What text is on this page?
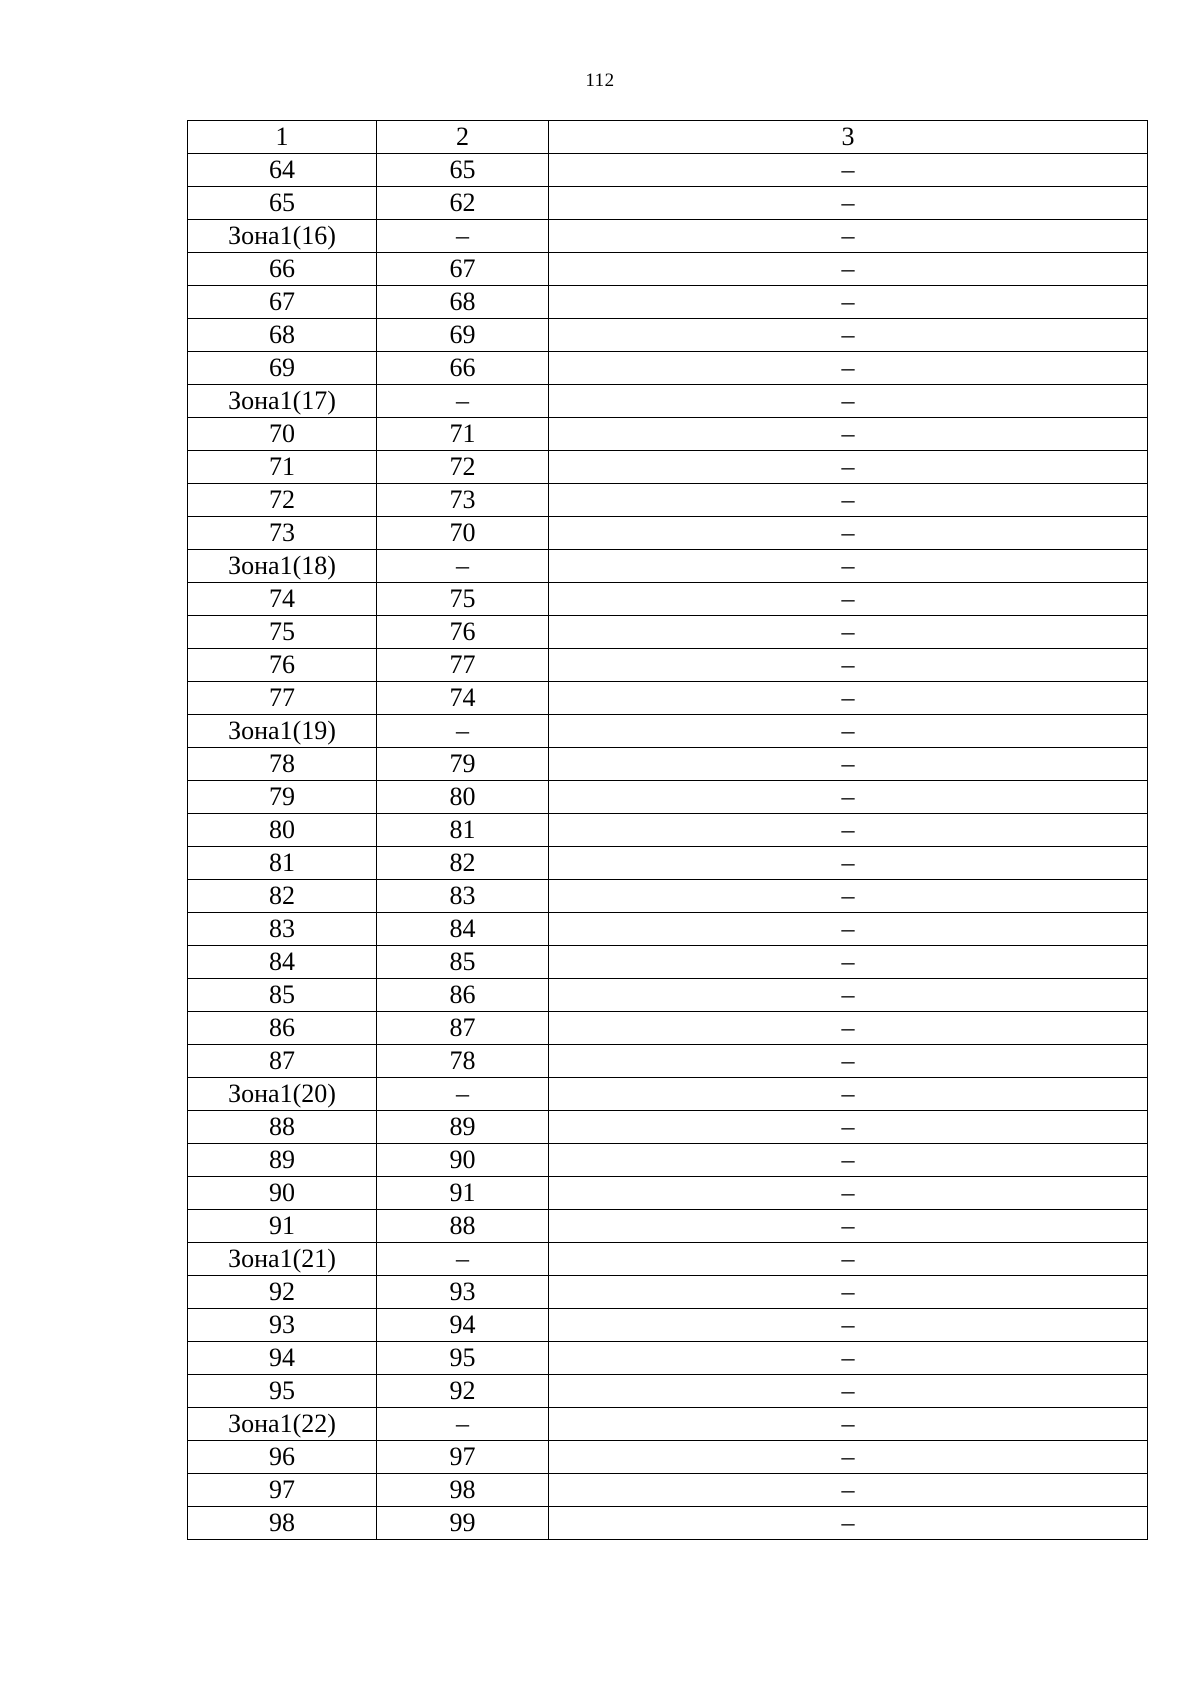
112
1	2	3
64	65	–
65	62	–
Зона1(16)	–	–
66	67	–
67	68	–
68	69	–
69	66	–
Зона1(17)	–	–
70	71	–
71	72	–
72	73	–
73	70	–
Зона1(18)	–	–
74	75	–
75	76	–
76	77	–
77	74	–
Зона1(19)	–	–
78	79	–
79	80	–
80	81	–
81	82	–
82	83	–
83	84	–
84	85	–
85	86	–
86	87	–
87	78	–
Зона1(20)	–	–
88	89	–
89	90	–
90	91	–
91	88	–
Зона1(21)	–	–
92	93	–
93	94	–
94	95	–
95	92	–
Зона1(22)	–	–
96	97	–
97	98	–
98	99	–
